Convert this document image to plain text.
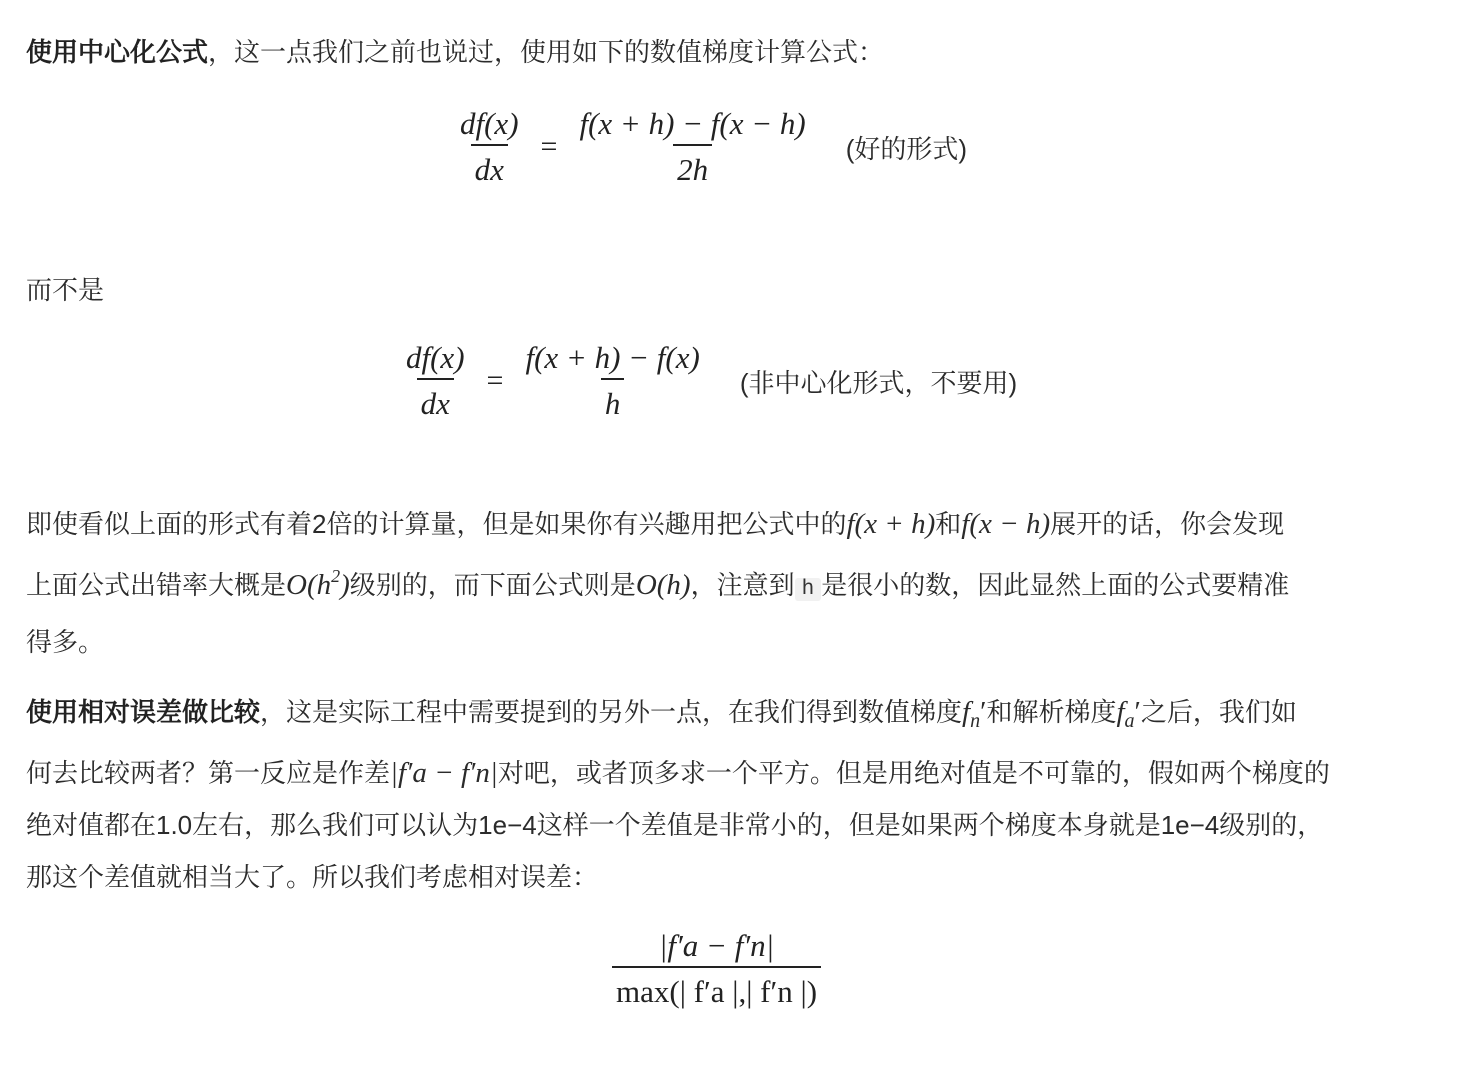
使用中心化公式，这一点我们之前也说过，使用如下的数值梯度计算公式：
$\frac{df(x)}{dx} = \frac{f(x + h) - f(x - h)}{2h}$ (好的形式)
而不是
$\frac{df(x)}{dx} = \frac{f(x + h) - f(x)}{h}$ (非中心化形式，不要用)
即使看似上面的形式有着2倍的计算量，但是如果你有兴趣用把公式中的f(x + h)和f(x − h)展开的话，你会发现
上面公式出错率大概是$O(h^2)$级别的，而下面公式则是O(h)，注意到 h 是很小的数，因此显然上面的公式要精准
得多。
使用相对误差做比较，这是实际工程中需要提到的另外一点，在我们得到数值梯度$f_n'$和解析梯度$f_a'$之后，我们如
何去比较两者？第一反应是作差|f′a − f′n|对吧，或者顶多求一个平方。但是用绝对值是不可靠的，假如两个梯度的
绝对值都在1.0左右，那么我们可以认为1e−4这样一个差值是非常小的，但是如果两个梯度本身就是1e−4级别的，
那这个差值就相当大了。所以我们考虑相对误差：
$\frac{|f'a - f'n|}{\max(| f'a |,| f'n |)}$
